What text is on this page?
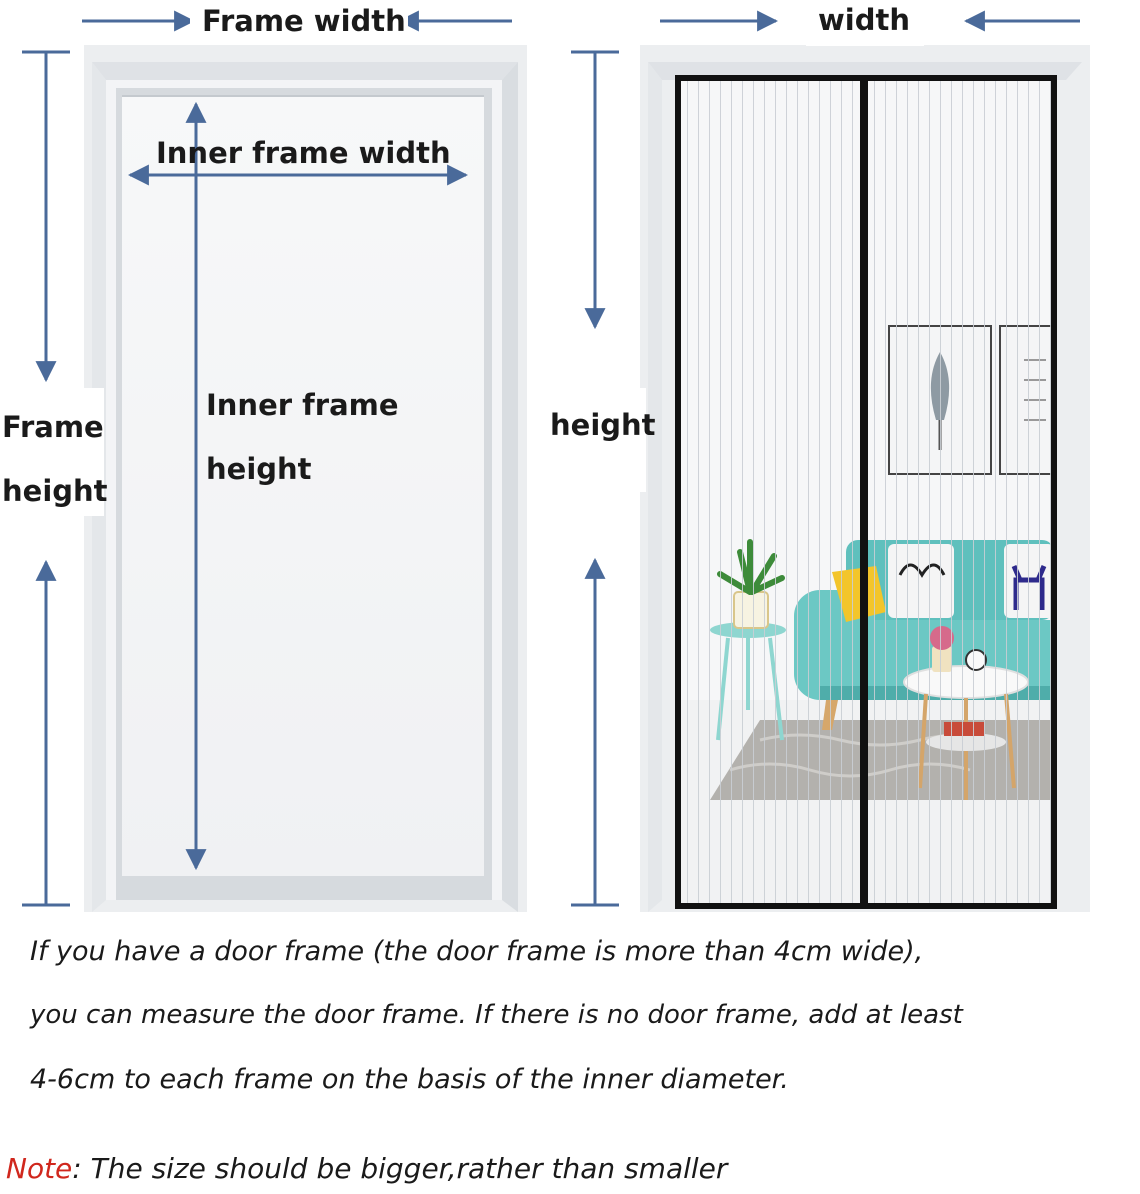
Frame width
Inner frame width
Inner frame
height
Frame
height
width
height
If you have a door frame (the door frame is more than 4cm wide),
you can measure the door frame. If there is no door frame, add at least
4-6cm to each frame on the basis of the inner diameter.
Note: The size should be bigger,rather than smaller
